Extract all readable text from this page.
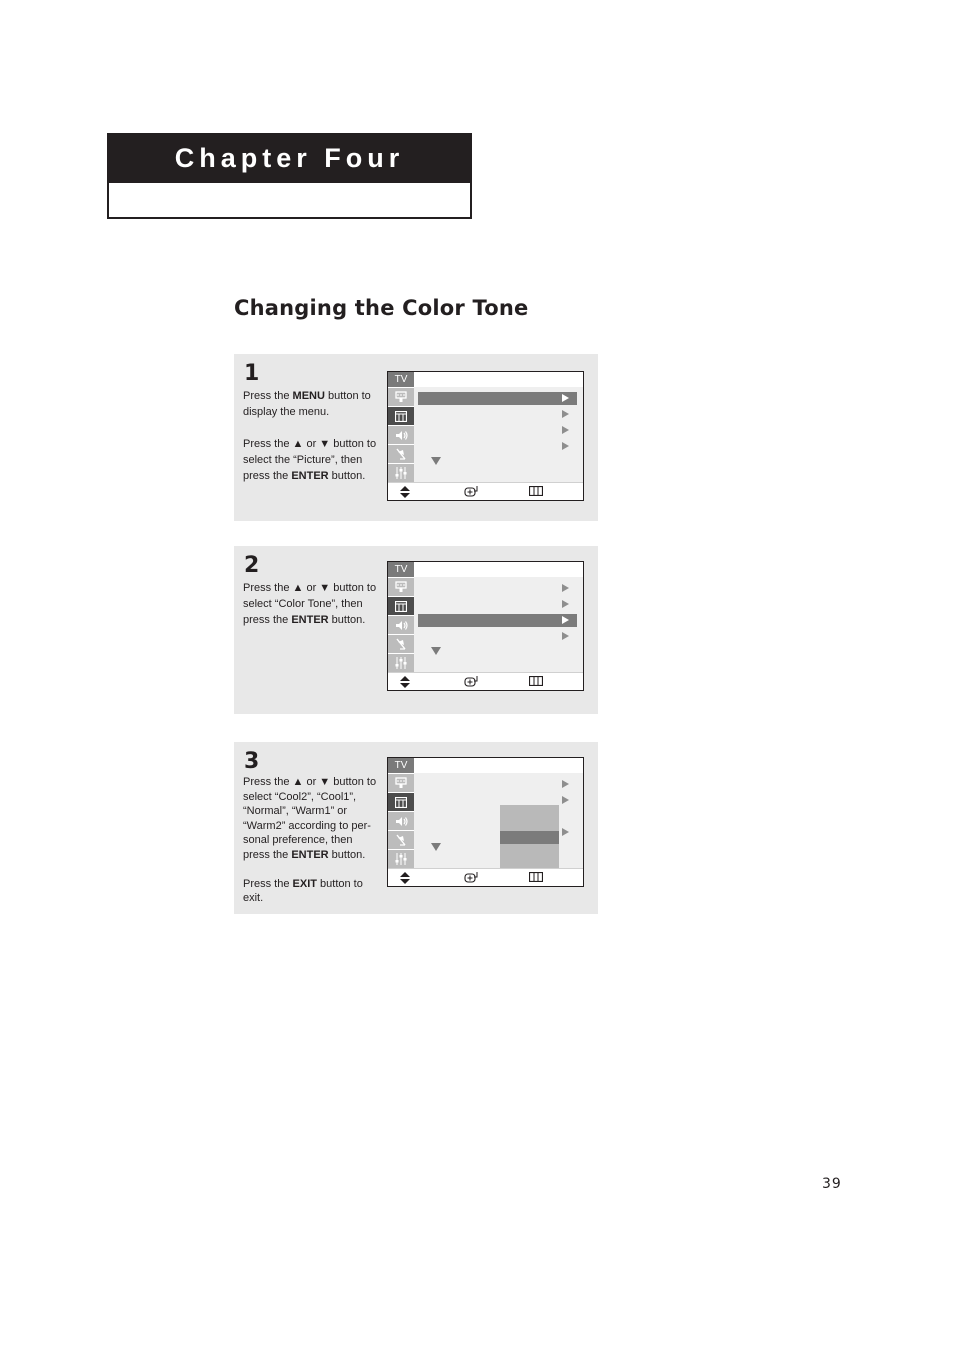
Chapter Four
Changing the Color Tone
1

Press the MENU button to display the menu.

Press the ▲ or ▼ button to select the “Picture”, then press the ENTER button.

TV
2

Press the ▲ or ▼ button to select “Color Tone”, then press the ENTER button.

TV
3

Press the ▲ or ▼ button to select “Cool2”, “Cool1”, “Normal”, “Warm1” or “Warm2” according to per-sonal preference, then press the ENTER button.

Press the EXIT button to exit.

TV
39
